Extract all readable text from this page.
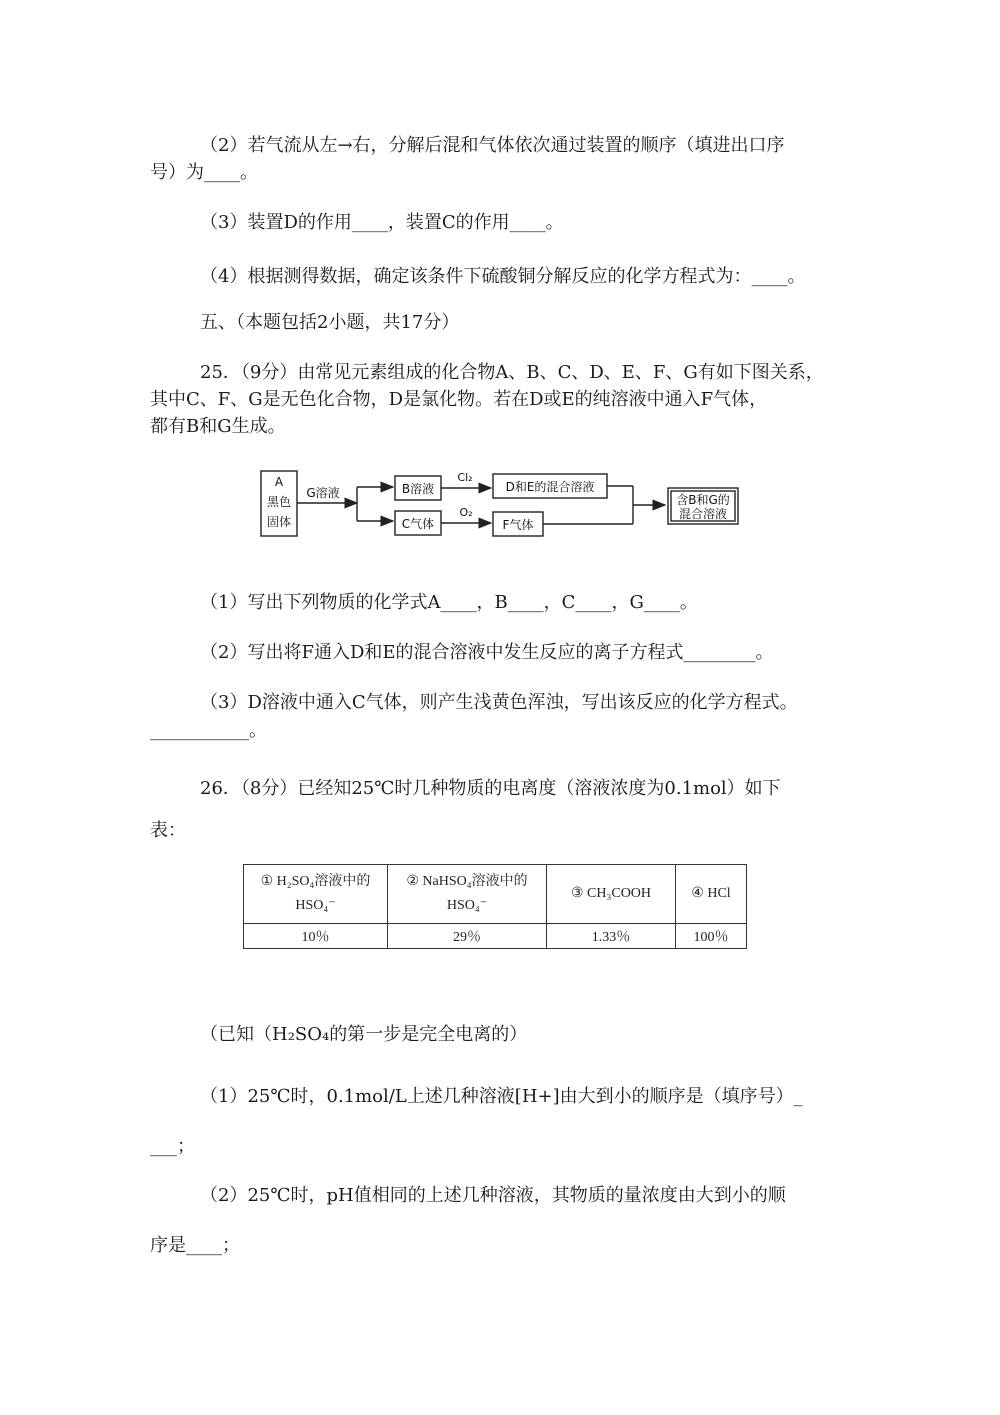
（2）若气流从左→右，分解后混和气体依次通过装置的顺序（填进出口序
号）为____。
（3）装置D的作用____，装置C的作用____。
（4）根据测得数据，确定该条件下硫酸铜分解反应的化学方程式为：____。
五、（本题包括2小题，共17分）
25．（9分）由常见元素组成的化合物A、B、C、D、E、F、G有如下图关系，
其中C、F、G是无色化合物，D是氯化物。若在D或E的纯溶液中通入F气体，
都有B和G生成。
A
黑色
固体
G溶液	B溶液
C气体
Cl₂
O₂
D和E的混合溶液
F气体
含B和G的
混合溶液
（1）写出下列物质的化学式A____，B____，C____，G____。
（2）写出将F通入D和E的混合溶液中发生反应的离子方程式________。
（3）D溶液中通入C气体，则产生浅黄色浑浊，写出该反应的化学方程式。
___________。
26．（8分）已经知25℃时几种物质的电离度（溶液浓度为0.1mol）如下
表：
① H₂SO₄溶液中的
HSO₄⁻	② NaHSO₄溶液中的
HSO₄⁻	③ CH₃COOH	④ HCl
10％	29％	1.33％	100％
（已知（H₂SO₄的第一步是完全电离的）
（1）25℃时，0.1mol/L上述几种溶液[H+]由大到小的顺序是（填序号）_
___；
（2）25℃时，pH值相同的上述几种溶液，其物质的量浓度由大到小的顺
序是____；
